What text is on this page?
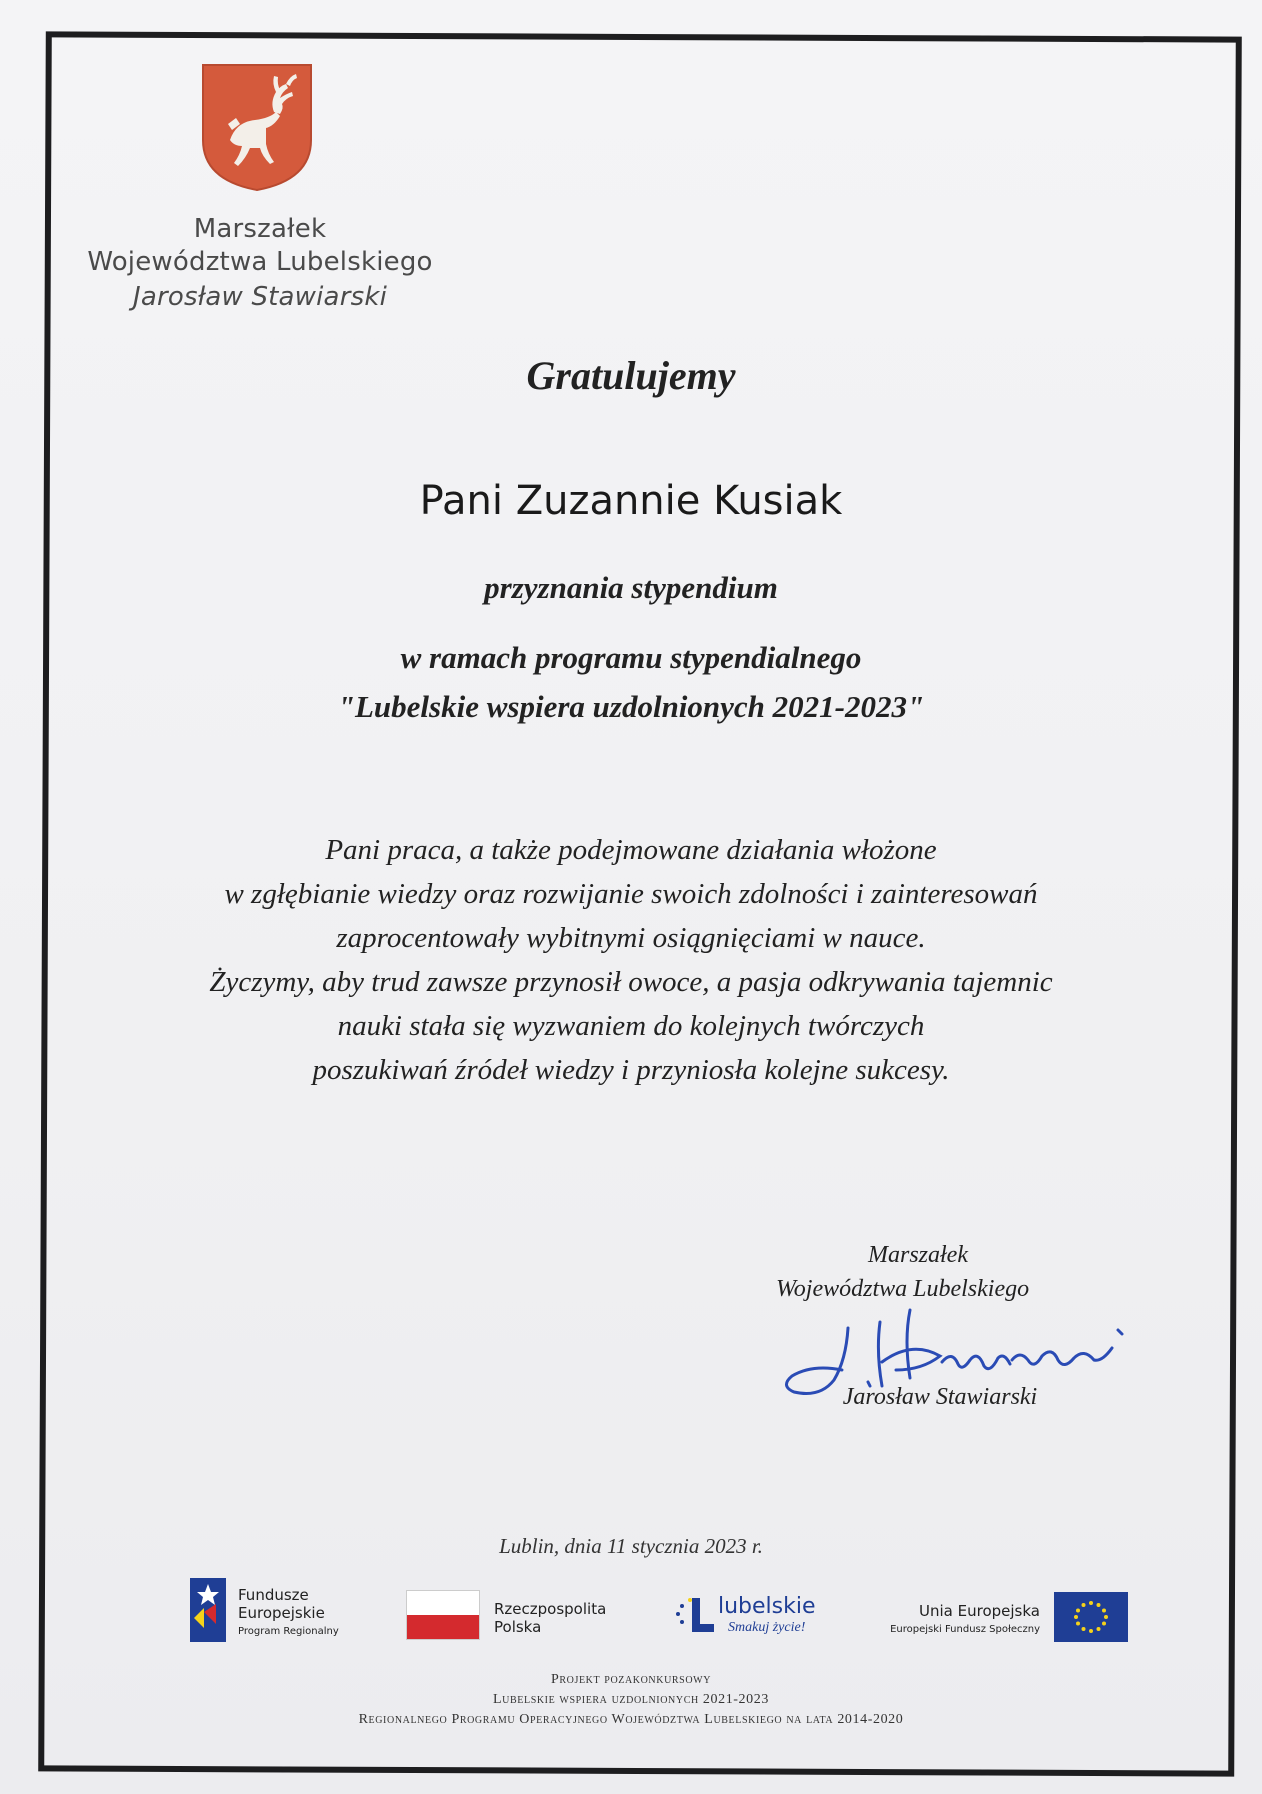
Marszałek
Województwa Lubelskiego
Jarosław Stawiarski
Gratulujemy
Pani Zuzannie Kusiak
przyznania stypendium
w ramach programu stypendialnego
"Lubelskie wspiera uzdolnionych 2021-2023"
Pani praca, a także podejmowane działania włożone
w zgłębianie wiedzy oraz rozwijanie swoich zdolności i zainteresowań
zaprocentowały wybitnymi osiągnięciami w nauce.
Życzymy, aby trud zawsze przynosił owoce, a pasja odkrywania tajemnic
nauki stała się wyzwaniem do kolejnych twórczych
poszukiwań źródeł wiedzy i przyniosła kolejne sukcesy.
Marszałek
Województwa Lubelskiego
Jarosław Stawiarski
Lublin, dnia 11 stycznia 2023 r.
Fundusze
Europejskie
Program Regionalny
Rzeczpospolita
Polska
lubelskie
Smakuj życie!
Unia Europejska
Europejski Fundusz Społeczny
Projekt pozakonkursowy
Lubelskie wspiera uzdolnionych 2021-2023
Regionalnego Programu Operacyjnego Województwa Lubelskiego na lata 2014-2020
